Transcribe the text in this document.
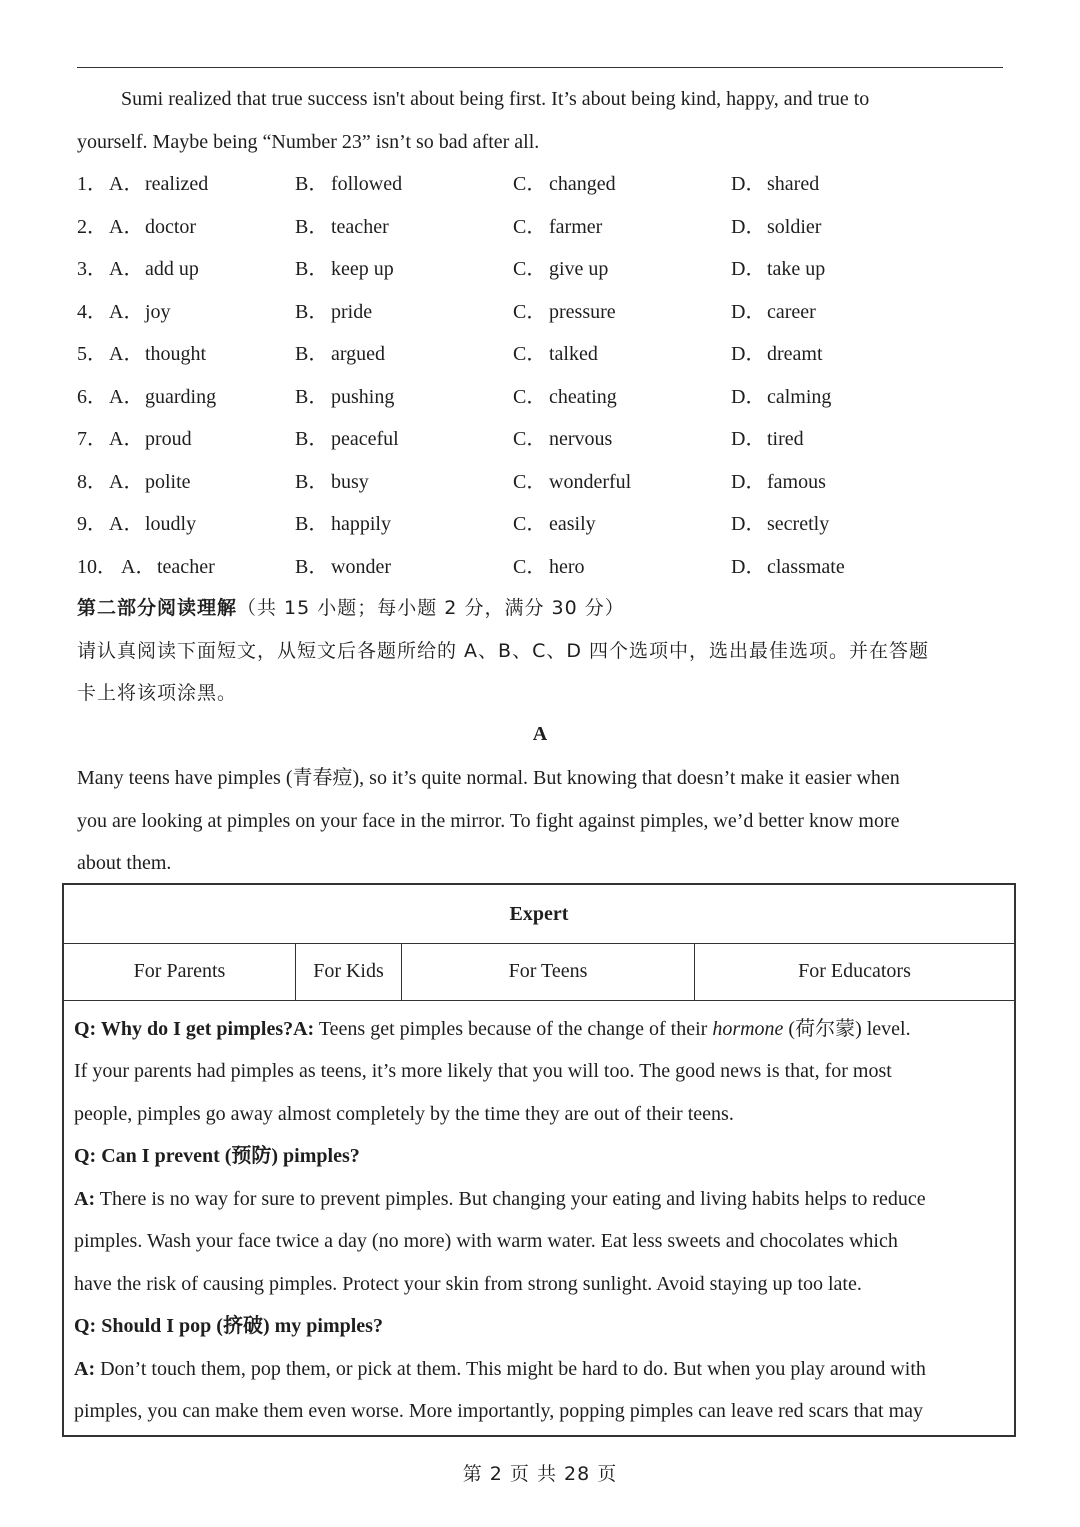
Sumi realized that true success isn't about being first. It’s about being kind, happy, and true to
yourself. Maybe being “Number 23” isn’t so bad after all.
1． A． realized	B． followed	C． changed	D． shared
2． A． doctor	B． teacher	C． farmer	D． soldier
3． A． add up	B． keep up	C． give up	D． take up
4． A． joy	B． pride	C． pressure	D． career
5． A． thought	B． argued	C． talked	D． dreamt
6． A． guarding	B． pushing	C． cheating	D． calming
7． A． proud	B． peaceful	C． nervous	D． tired
8． A． polite	B． busy	C． wonderful	D． famous
9． A． loudly	B． happily	C． easily	D． secretly
10． A． teacher	B． wonder	C． hero	D． classmate
第二部分阅读理解（共 15 小题；每小题 2 分，满分 30 分）
请认真阅读下面短文，从短文后各题所给的 A、B、C、D 四个选项中，选出最佳选项。并在答题
卡上将该项涂黑。
A
Many teens have pimples (青春痘), so it’s quite normal. But knowing that doesn’t make it easier when
you are looking at pimples on your face in the mirror. To fight against pimples, we’d better know more
about them.
Expert
For Parents	For Kids	For Teens	For Educators
Q: Why do I get pimples?A: Teens get pimples because of the change of their hormone (荷尔蒙) level.
If your parents had pimples as teens, it’s more likely that you will too. The good news is that, for most
people, pimples go away almost completely by the time they are out of their teens.
Q: Can I prevent (预防) pimples?
A: There is no way for sure to prevent pimples. But changing your eating and living habits helps to reduce
pimples. Wash your face twice a day (no more) with warm water. Eat less sweets and chocolates which
have the risk of causing pimples. Protect your skin from strong sunlight. Avoid staying up too late.
Q: Should I pop (挤破) my pimples?
A: Don’t touch them, pop them, or pick at them. This might be hard to do. But when you play around with
pimples, you can make them even worse. More importantly, popping pimples can leave red scars that may
第 2 页 共 28 页
